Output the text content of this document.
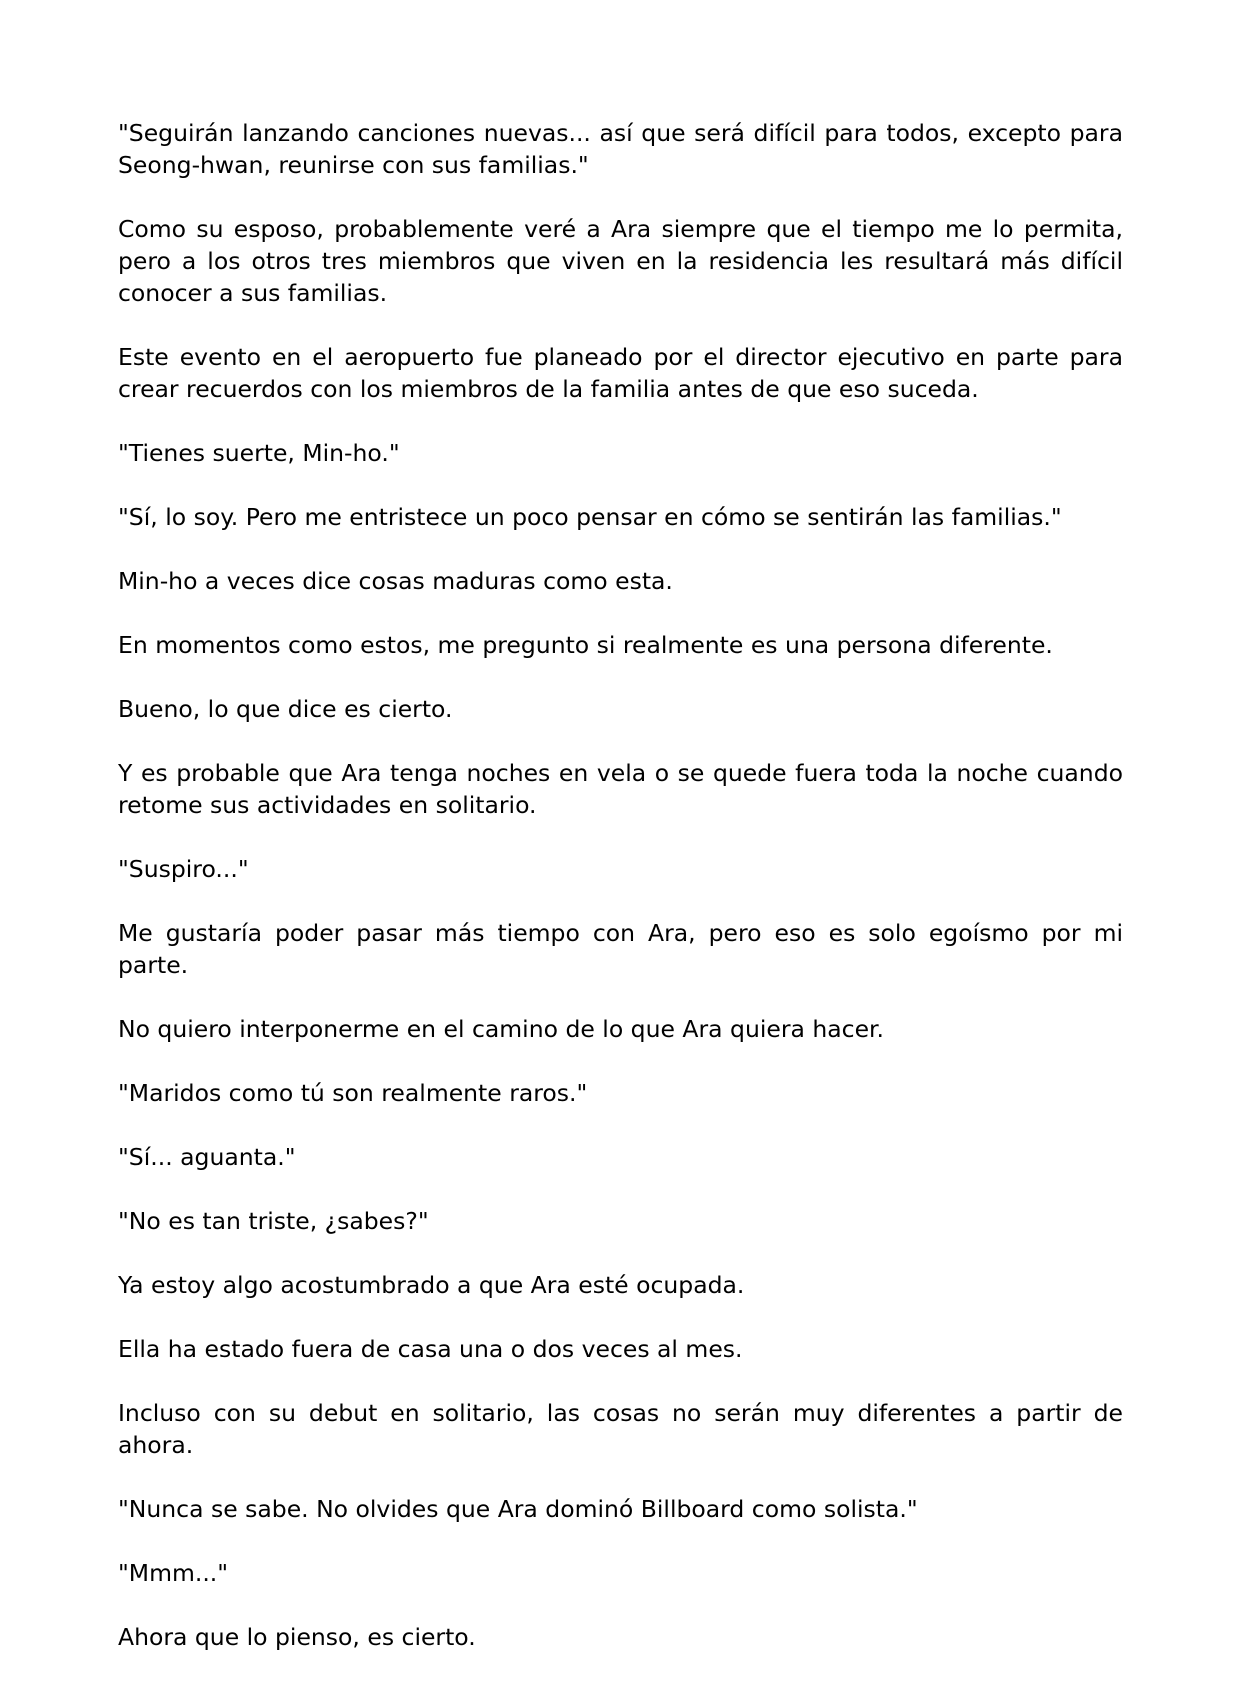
"Seguirán lanzando canciones nuevas... así que será difícil para todos, excepto para Seong-hwan, reunirse con sus familias."

Como su esposo, probablemente veré a Ara siempre que el tiempo me lo permita, pero a los otros tres miembros que viven en la residencia les resultará más difícil conocer a sus familias.

Este evento en el aeropuerto fue planeado por el director ejecutivo en parte para crear recuerdos con los miembros de la familia antes de que eso suceda.

"Tienes suerte, Min-ho."

"Sí, lo soy. Pero me entristece un poco pensar en cómo se sentirán las familias."

Min-ho a veces dice cosas maduras como esta.

En momentos como estos, me pregunto si realmente es una persona diferente.

Bueno, lo que dice es cierto.

Y es probable que Ara tenga noches en vela o se quede fuera toda la noche cuando retome sus actividades en solitario.

"Suspiro..."

Me gustaría poder pasar más tiempo con Ara, pero eso es solo egoísmo por mi parte.

No quiero interponerme en el camino de lo que Ara quiera hacer.

"Maridos como tú son realmente raros."

"Sí... aguanta."

"No es tan triste, ¿sabes?"

Ya estoy algo acostumbrado a que Ara esté ocupada.

Ella ha estado fuera de casa una o dos veces al mes.

Incluso con su debut en solitario, las cosas no serán muy diferentes a partir de ahora.

"Nunca se sabe. No olvides que Ara dominó Billboard como solista."

"Mmm..."

Ahora que lo pienso, es cierto.
